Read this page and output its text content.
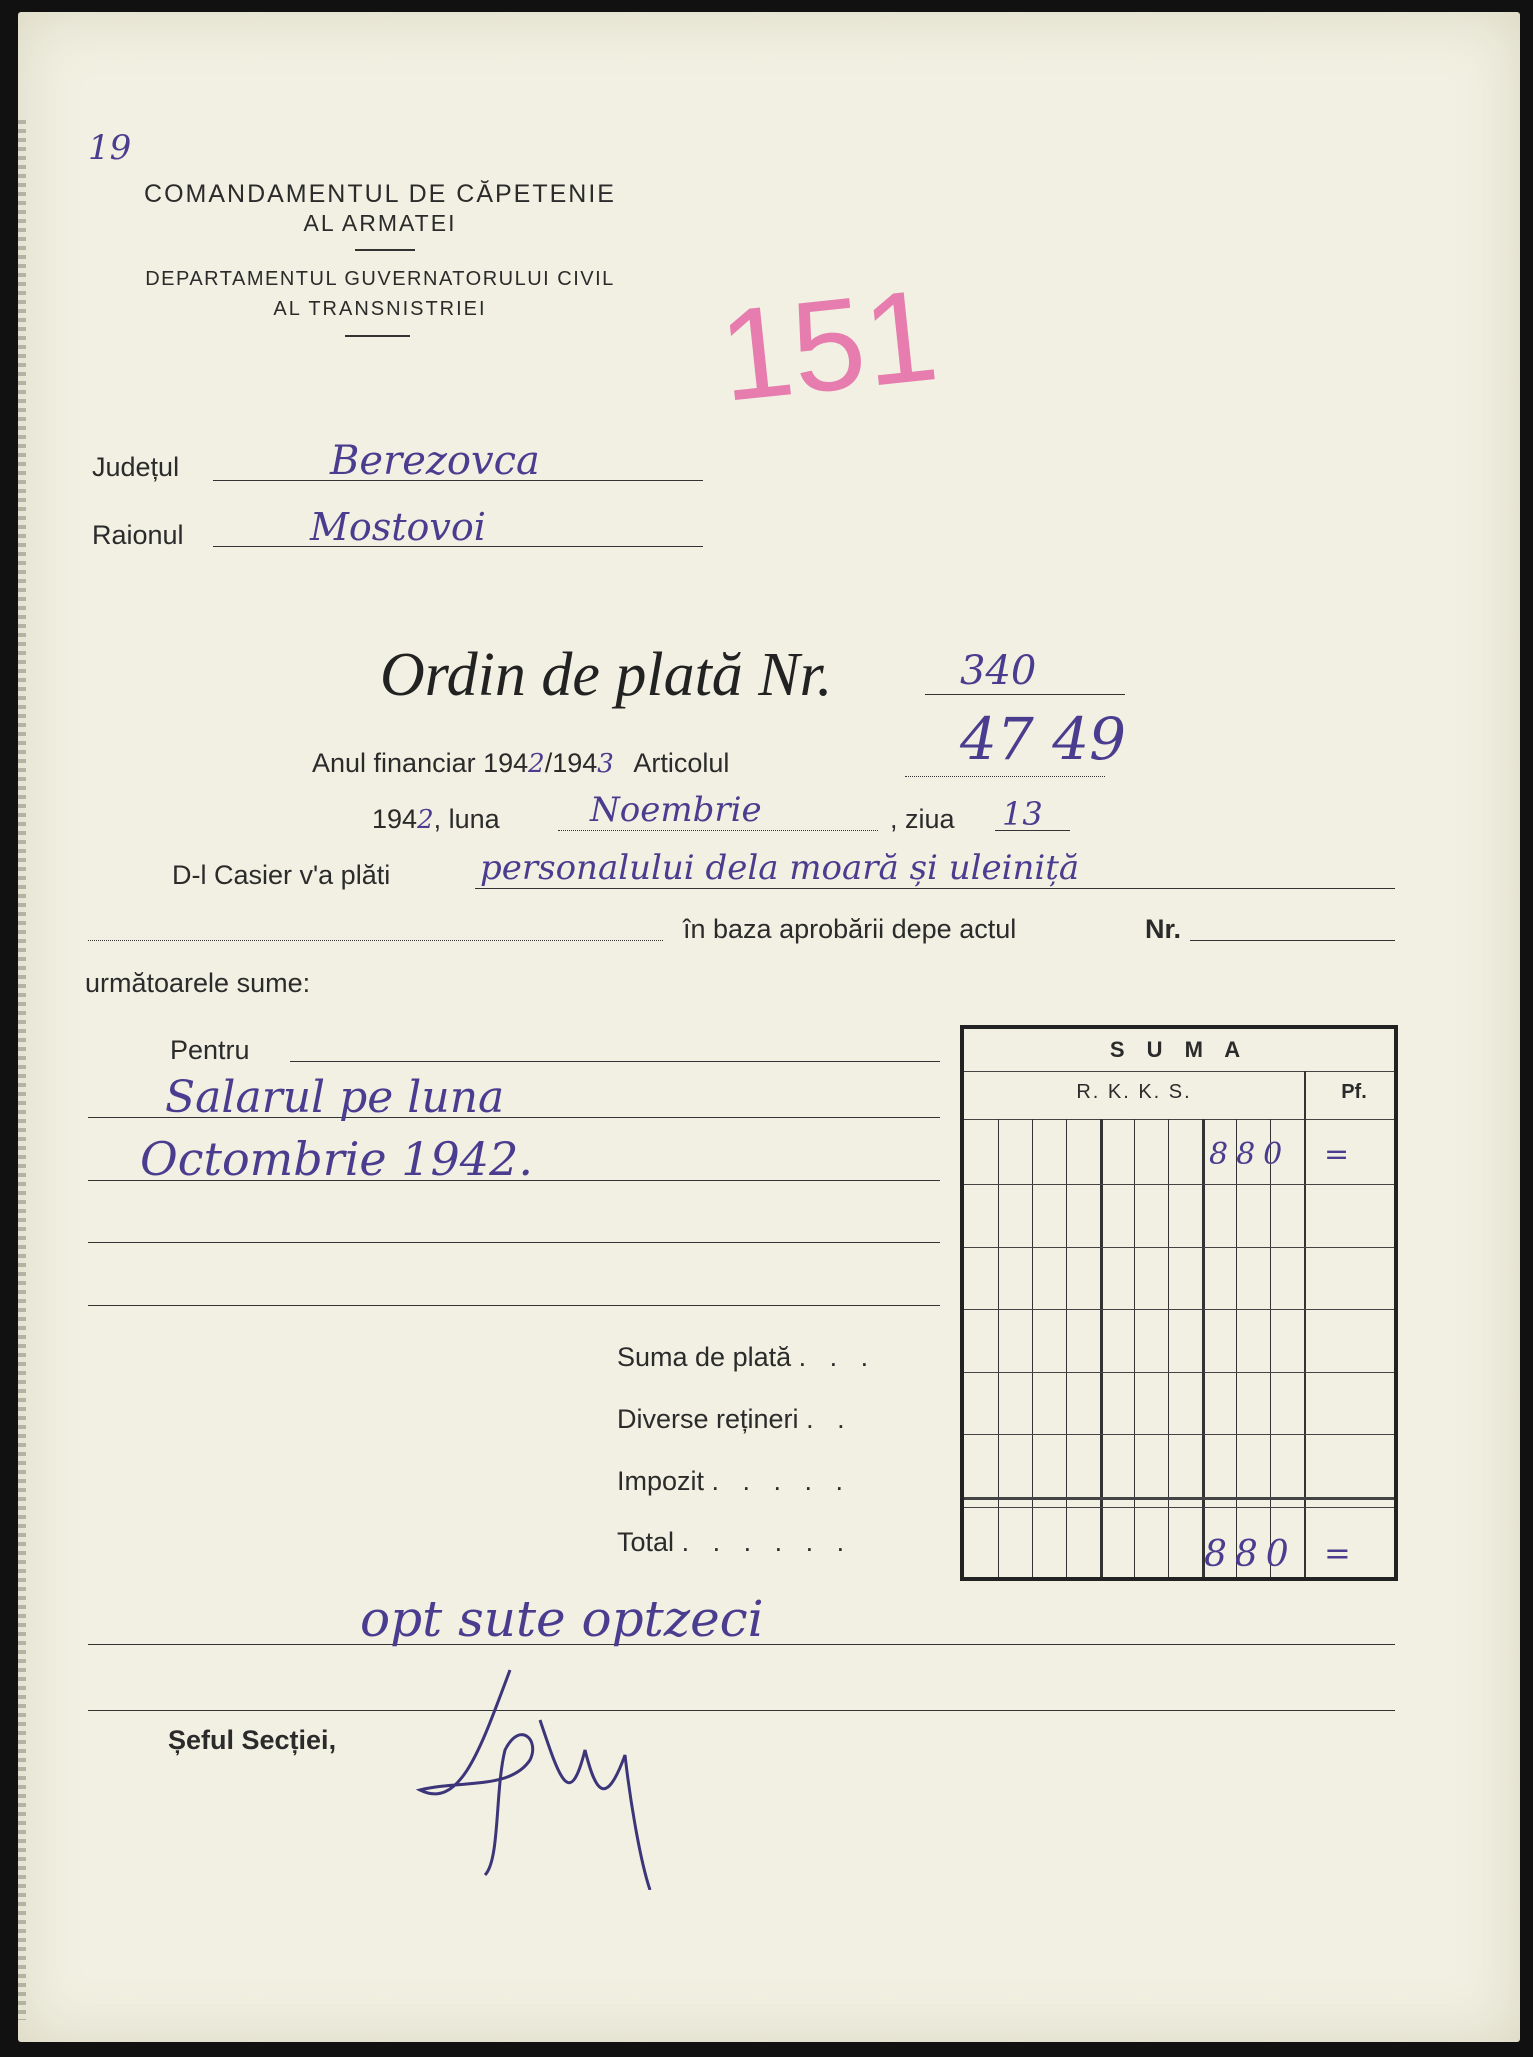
19
COMANDAMENTUL DE CĂPETENIE
AL ARMATEI
DEPARTAMENTUL GUVERNATORULUI CIVIL
AL TRANSNISTRIEI	151
Județul	Berezovca
Raionul	Mostovoi
Ordin de plată Nr.	340
Anul financiar 1942/1943 Articolul	47 49
1942, luna	Noembrie	, ziua 13
D-l Casier v'a plăti	personalului dela moară și uleiniță
în baza aprobării depe actul	Nr.
următoarele sume:
Pentru
Salarul pe luna
Octombrie 1942.
S U M A
R. K. K. S.	Pf.
880 =
880 =
Suma de plată . . .
Diverse rețineri . .
Impozit . . . . .
Total . . . . . .
opt sute optzeci
Șeful Secției,
